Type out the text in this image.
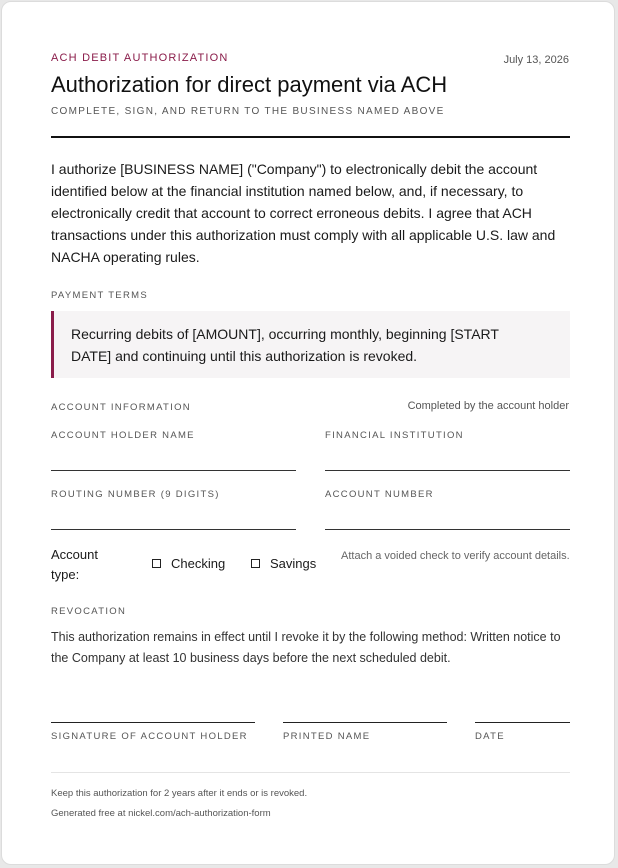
ACH DEBIT AUTHORIZATION	July 13, 2026
Authorization for direct payment via ACH
COMPLETE, SIGN, AND RETURN TO THE BUSINESS NAMED ABOVE
I authorize [BUSINESS NAME] ("Company") to electronically debit the account identified below at the financial institution named below, and, if necessary, to electronically credit that account to correct erroneous debits. I agree that ACH transactions under this authorization must comply with all applicable U.S. law and NACHA operating rules.
PAYMENT TERMS
Recurring debits of [AMOUNT], occurring monthly, beginning [START DATE] and continuing until this authorization is revoked.
ACCOUNT INFORMATION	Completed by the account holder
ACCOUNT HOLDER NAME	FINANCIAL INSTITUTION
ROUTING NUMBER (9 DIGITS)	ACCOUNT NUMBER
Account type:
Checking	Savings Attach a voided check to verify account details.
REVOCATION
This authorization remains in effect until I revoke it by the following method: Written notice to the Company at least 10 business days before the next scheduled debit.
SIGNATURE OF ACCOUNT HOLDER	PRINTED NAME	DATE
Keep this authorization for 2 years after it ends or is revoked.
Generated free at nickel.com/ach-authorization-form
